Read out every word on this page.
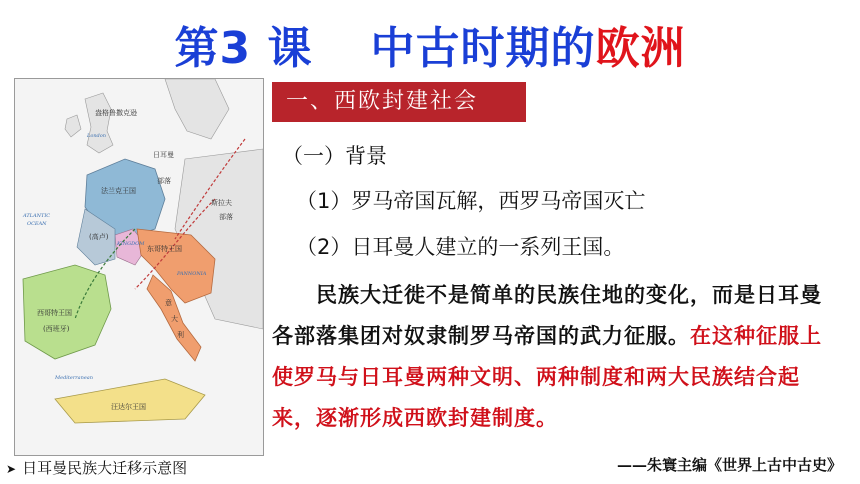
第3 课 中古时期的欧洲
盎格鲁撒克逊
London
法兰克王国
日耳曼
部落
斯拉夫
部落
(高卢)
KINGDOM
东哥特王国
PANNONIA
西哥特王国
(西班牙)
意
大
利
汪达尔王国
ATLANTIC
OCEAN
Mediterranean
➤ 日耳曼民族大迁移示意图
一、西欧封建社会
（一）背景
（1）罗马帝国瓦解，西罗马帝国灭亡
（2）日耳曼人建立的一系列王国。
民族大迁徙不是简单的民族住地的变化，而是日耳曼各部落集团对奴隶制罗马帝国的武力征服。在这种征服上使罗马与日耳曼两种文明、两种制度和两大民族结合起来，逐渐形成西欧封建制度。
——朱寰主编《世界上古中古史》
